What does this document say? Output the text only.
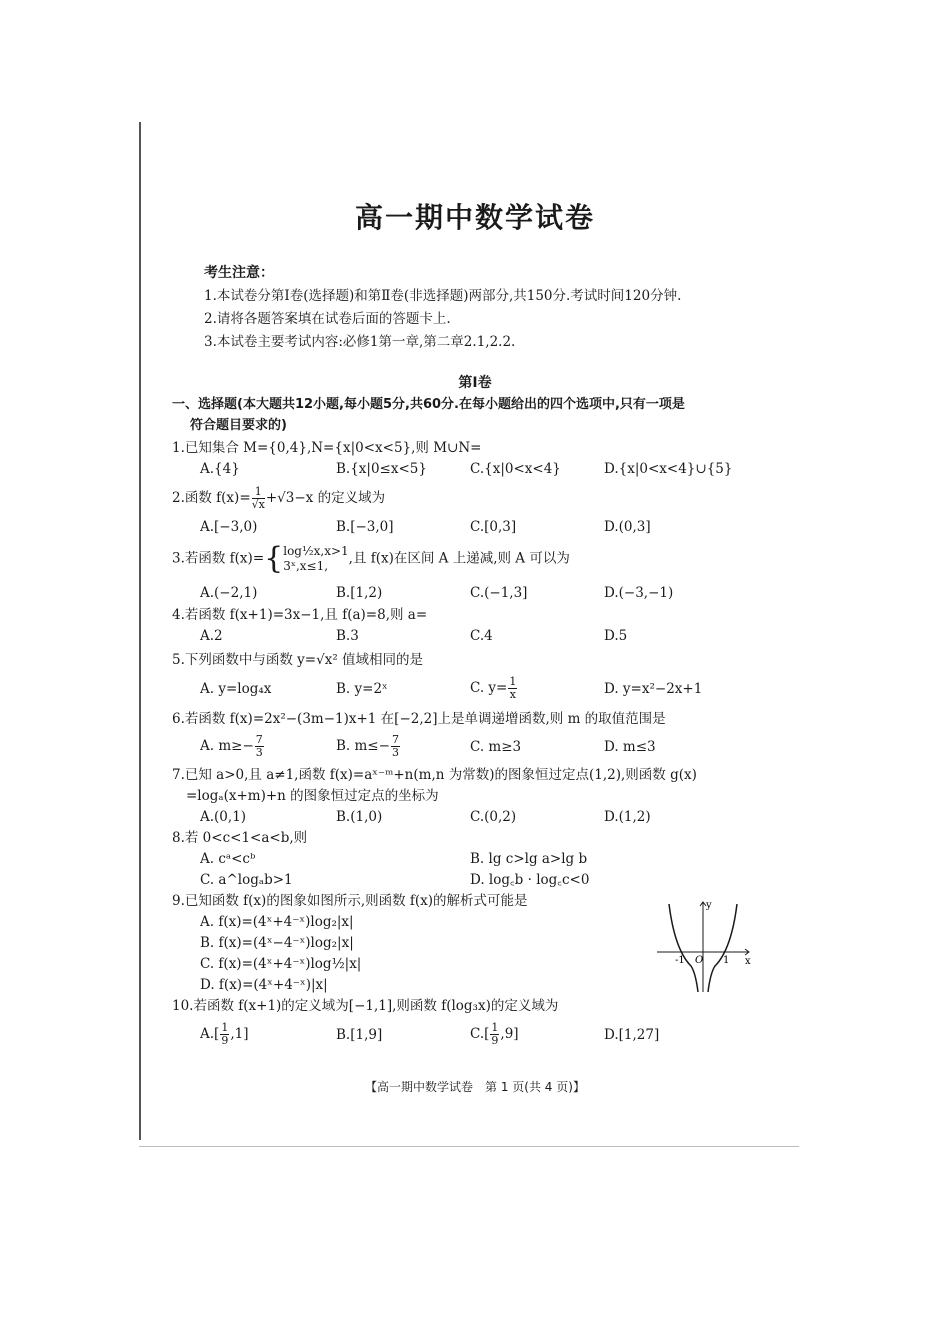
高一期中数学试卷
考生注意：
1.本试卷分第Ⅰ卷(选择题)和第Ⅱ卷(非选择题)两部分,共150分.考试时间120分钟.
2.请将各题答案填在试卷后面的答题卡上.
3.本试卷主要考试内容:必修1第一章,第二章2.1,2.2.
第Ⅰ卷
一、选择题(本大题共12小题,每小题5分,共60分.在每小题给出的四个选项中,只有一项是
符合题目要求的)
1.已知集合 M={0,4},N={x|0<x<5},则 M∪N=
A.{4}	B.{x|0≤x<5}	C.{x|0<x<4}	D.{x|0<x<4}∪{5}
2.函数 $f(x)= \frac{1}{√x} +√3-x$ 的定义域为
A.[−3,0)	B.[−3,0]	C.[0,3]	D.(0,3]
3.若函数 f(x)={ log½x,x>1
3ˣ,x≤1,	,且 f(x)在区间 A 上递减,则 A 可以为
A.(−2,1)	B.[1,2)	C.(−1,3]	D.(−3,−1)
4.若函数 f(x+1)=3x−1,且 f(a)=8,则 a=
A.2	B.3	C.4	D.5
5.下列函数中与函数 y=√x² 值域相同的是
A. y=log₄x	B. y=2ˣ	C. $y= \frac{1}{x}$	D. y=x²−2x+1
6.若函数 f(x)=2x²−(3m−1)x+1 在[−2,2]上是单调递增函数,则 m 的取值范围是
A. $m\ge- \frac{7}{3}$	B. $m\le- \frac{7}{3}$	C. m≥3	D. m≤3
7.已知 a>0,且 a≠1,函数 f(x)=aˣ⁻ᵐ+n(m,n 为常数)的图象恒过定点(1,2),则函数 g(x)
=logₐ(x+m)+n 的图象恒过定点的坐标为
A.(0,1)	B.(1,0)	C.(0,2)	D.(1,2)
8.若 0<c<1<a<b,则
A. cᵃ<cᵇ	B. lg c>lg a>lg b
C. a^logₐb>1	D. log꜀b · log꜀c<0
9.已知函数 f(x)的图象如图所示,则函数 f(x)的解析式可能是
A. f(x)=(4ˣ+4⁻ˣ)log₂|x|
B. f(x)=(4ˣ−4⁻ˣ)log₂|x|
C. f(x)=(4ˣ+4⁻ˣ)log½|x|
D. f(x)=(4ˣ+4⁻ˣ)|x|
y
x
O
-1	1
10.若函数 f(x+1)的定义域为[−1,1],则函数 f(log₃x)的定义域为
$A.[ \frac{1}{9} ,1]$	B.[1,9]	$C.[ \frac{1}{9} ,9]$	D.[1,27]
【高一期中数学试卷　第 1 页(共 4 页)】
